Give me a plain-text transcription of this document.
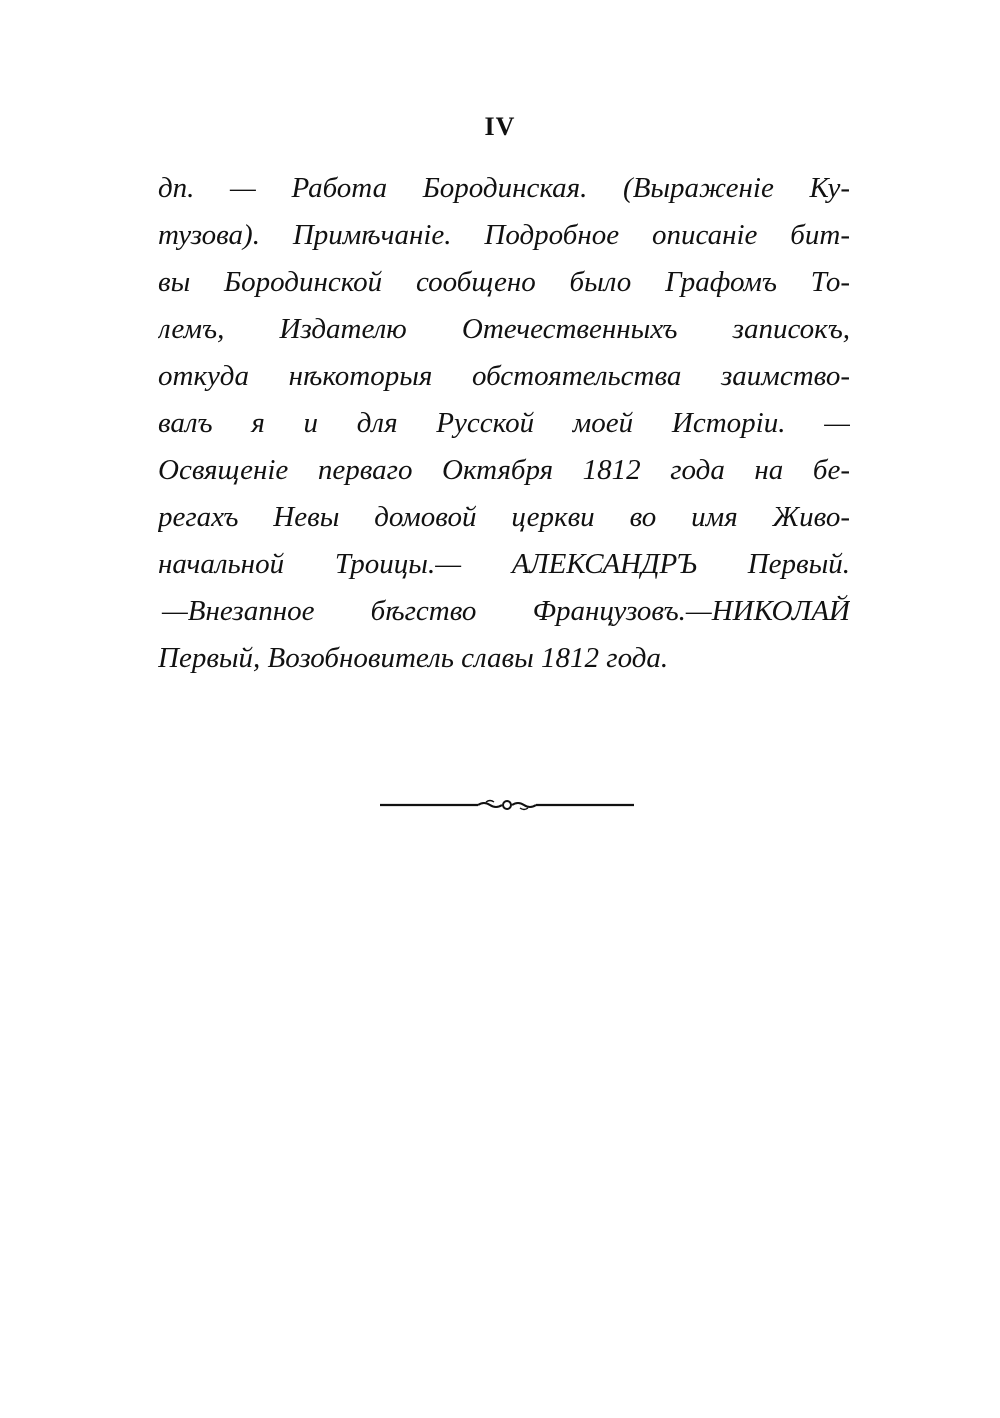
IV
дп. — Работа Бородинская. (Выраженіе Ку-
тузова). Примѣчаніе. Подробное описаніе бит-
вы Бородинской сообщено было Графомъ То-
лемъ, Издателю Отечественныхъ записокъ,
откуда нѣкоторыя обстоятельства заимство-
валъ я и для Русской моей Исторіи. —
Освященіе перваго Октября 1812 года на бе-
регахъ Невы домовой церкви во имя Живо-
начальной Троицы.— АЛЕКСАНДРЪ Первый.
—Внезапное бѣгство Французовъ.—НИКОЛАЙ
Первый, Возобновитель славы 1812 года.
